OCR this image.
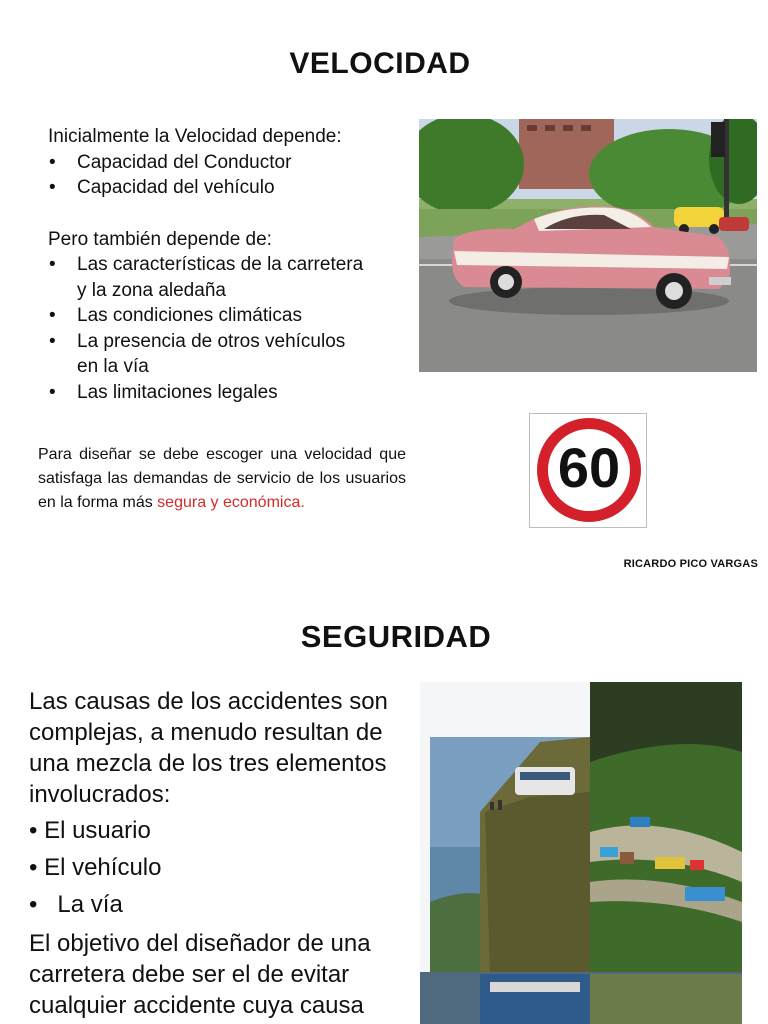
VELOCIDAD
Inicialmente la Velocidad depende:
• Capacidad del Conductor
• Capacidad del vehículo
Pero también depende de:
• Las características de la carretera y la zona aledaña
• Las condiciones climáticas
• La presencia de otros vehículos en la vía
• Las limitaciones legales
60
Para diseñar se debe escoger una velocidad que satisfaga las demandas de servicio de los usuarios en la forma más segura y económica.
RICARDO PICO VARGAS
SEGURIDAD
Las causas de los accidentes son complejas, a menudo resultan de una mezcla de los tres elementos involucrados:
• El usuario
• El vehículo
•   La vía
El objetivo del diseñador de una carretera debe ser el de evitar cualquier accidente cuya causa
